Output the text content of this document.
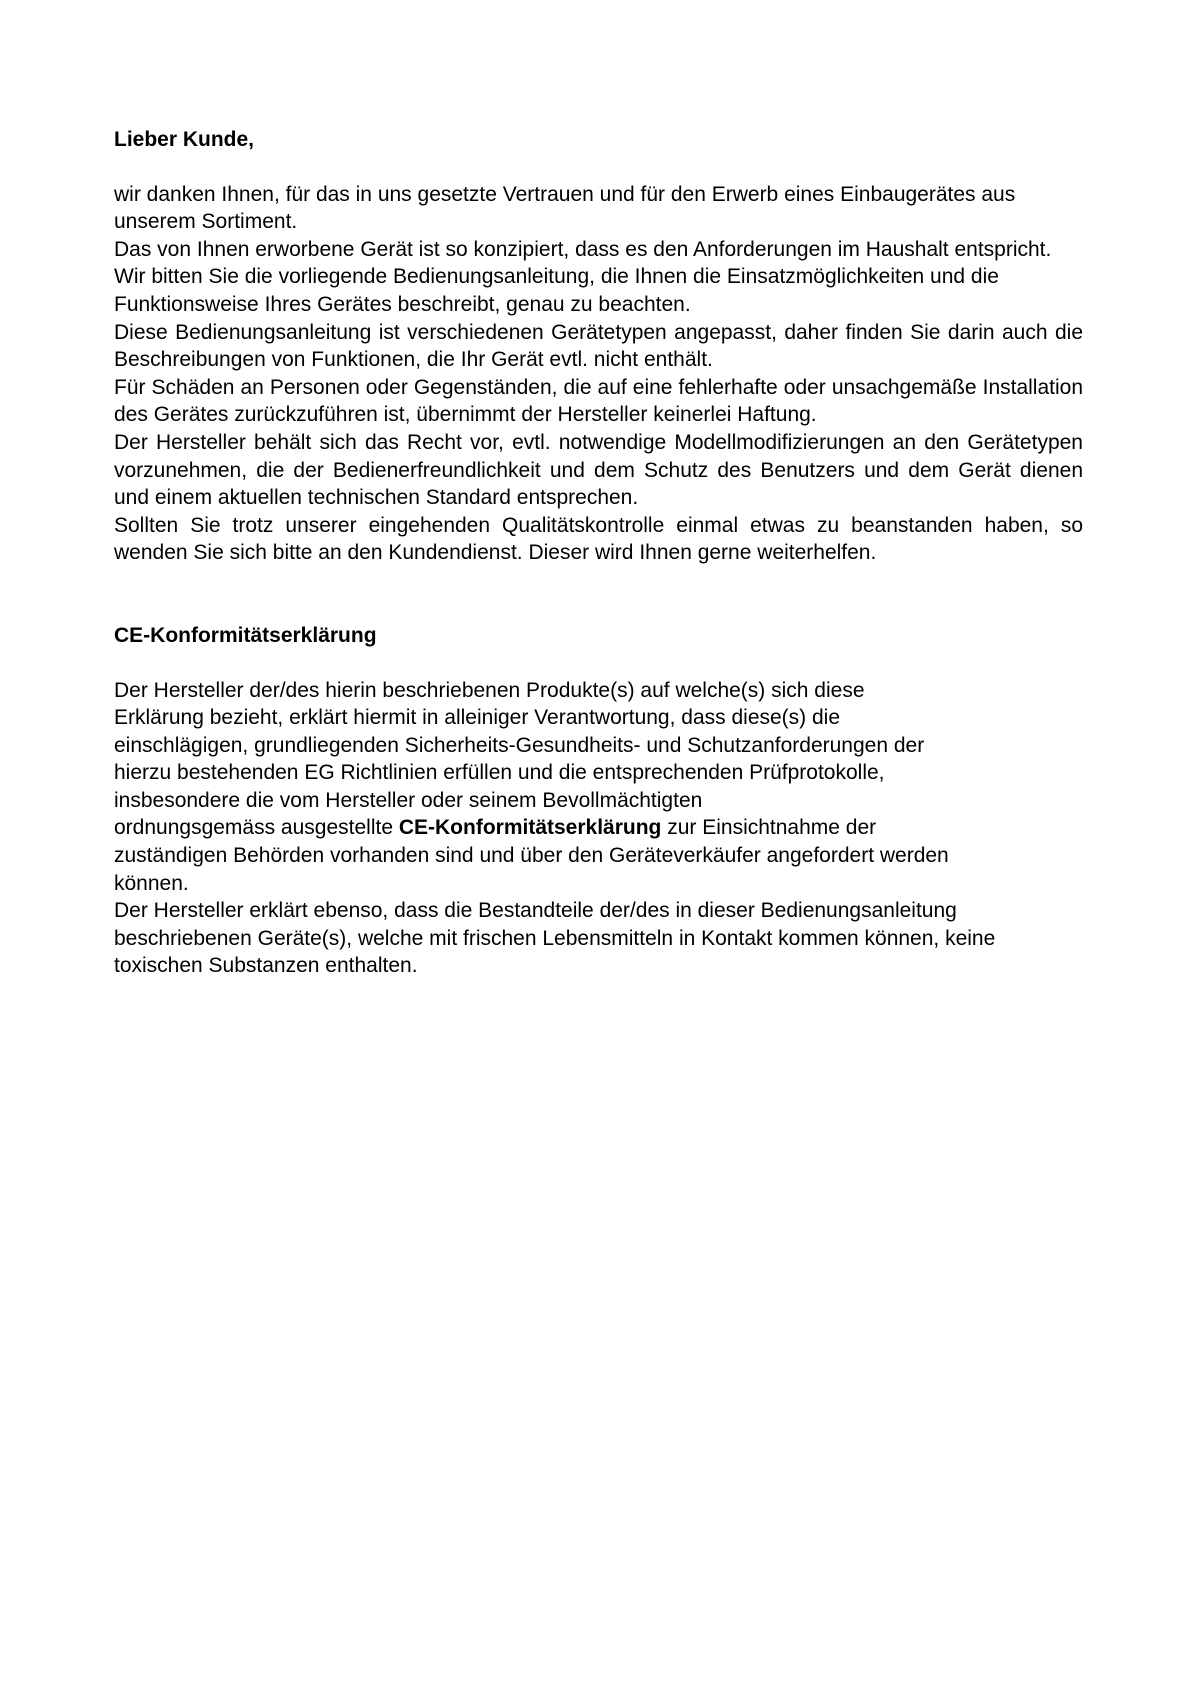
Lieber Kunde,

wir danken Ihnen, für das in uns gesetzte Vertrauen und für den Erwerb eines Einbaugerätes aus unserem Sortiment.

Das von Ihnen erworbene Gerät ist so konzipiert, dass es den Anforderungen im Haushalt entspricht.

Wir bitten Sie die vorliegende Bedienungsanleitung, die Ihnen die Einsatzmöglichkeiten und die Funktionsweise Ihres Gerätes beschreibt, genau zu beachten.

Diese Bedienungsanleitung ist verschiedenen Gerätetypen angepasst, daher finden Sie darin auch die Beschreibungen von Funktionen, die Ihr Gerät evtl. nicht enthält.

Für Schäden an Personen oder Gegenständen, die auf eine fehlerhafte oder unsachgemäße Installation des Gerätes zurückzuführen ist, übernimmt der Hersteller keinerlei Haftung.

Der Hersteller behält sich das Recht vor, evtl. notwendige Modellmodifizierungen an den Gerätetypen vorzunehmen, die der Bedienerfreundlichkeit und dem Schutz des Benutzers und dem Gerät dienen und einem aktuellen technischen Standard entsprechen.

Sollten Sie trotz unserer eingehenden Qualitätskontrolle einmal etwas zu beanstanden haben, so wenden Sie sich bitte an den Kundendienst. Dieser wird Ihnen gerne weiterhelfen.

CE-Konformitätserklärung

Der Hersteller der/des hierin beschriebenen Produkte(s) auf welche(s) sich diese
Erklärung bezieht, erklärt hiermit in alleiniger Verantwortung, dass diese(s) die
einschlägigen, grundliegenden Sicherheits-Gesundheits- und Schutzanforderungen der
hierzu bestehenden EG Richtlinien erfüllen und die entsprechenden Prüfprotokolle,
insbesondere die vom Hersteller oder seinem Bevollmächtigten
ordnungsgemäss ausgestellte CE-Konformitätserklärung zur Einsichtnahme der
zuständigen Behörden vorhanden sind und über den Geräteverkäufer angefordert werden
können.

Der Hersteller erklärt ebenso, dass die Bestandteile der/des in dieser Bedienungsanleitung beschriebenen Geräte(s), welche mit frischen Lebensmitteln in Kontakt kommen können, keine toxischen Substanzen enthalten.
